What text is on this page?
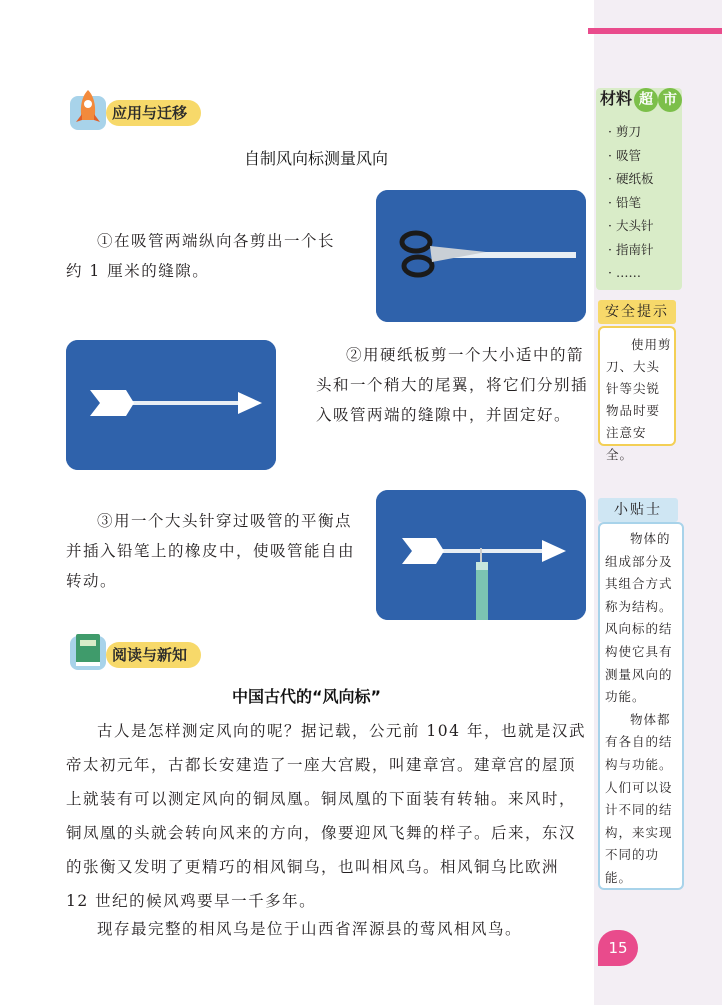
应用与迁移
自制风向标测量风向
①在吸管两端纵向各剪出一个长约 1 厘米的缝隙。
②用硬纸板剪一个大小适中的箭头和一个稍大的尾翼，将它们分别插入吸管两端的缝隙中，并固定好。
③用一个大头针穿过吸管的平衡点并插入铅笔上的橡皮中，使吸管能自由转动。
阅读与新知
中国古代的“风向标”
古人是怎样测定风向的呢？据记载，公元前 104 年，也就是汉武帝太初元年，古都长安建造了一座大宫殿，叫建章宫。建章宫的屋顶上就装有可以测定风向的铜凤凰。铜凤凰的下面装有转轴。来风时，铜凤凰的头就会转向风来的方向，像要迎风飞舞的样子。后来，东汉的张衡又发明了更精巧的相风铜乌，也叫相风乌。相风铜乌比欧洲 12 世纪的候风鸡要早一千多年。
现存最完整的相风乌是位于山西省浑源县的莺风相风鸟。
材料 超 市
· 剪刀
· 吸管
· 硬纸板
· 铅笔
· 大头针
· 指南针
· ……
安全提示
使用剪刀、大头针等尖锐物品时要注意安全。
小贴士
物体的组成部分及其组合方式称为结构。风向标的结构使它具有测量风向的功能。
物体都有各自的结构与功能。人们可以设计不同的结构，来实现不同的功能。
15
